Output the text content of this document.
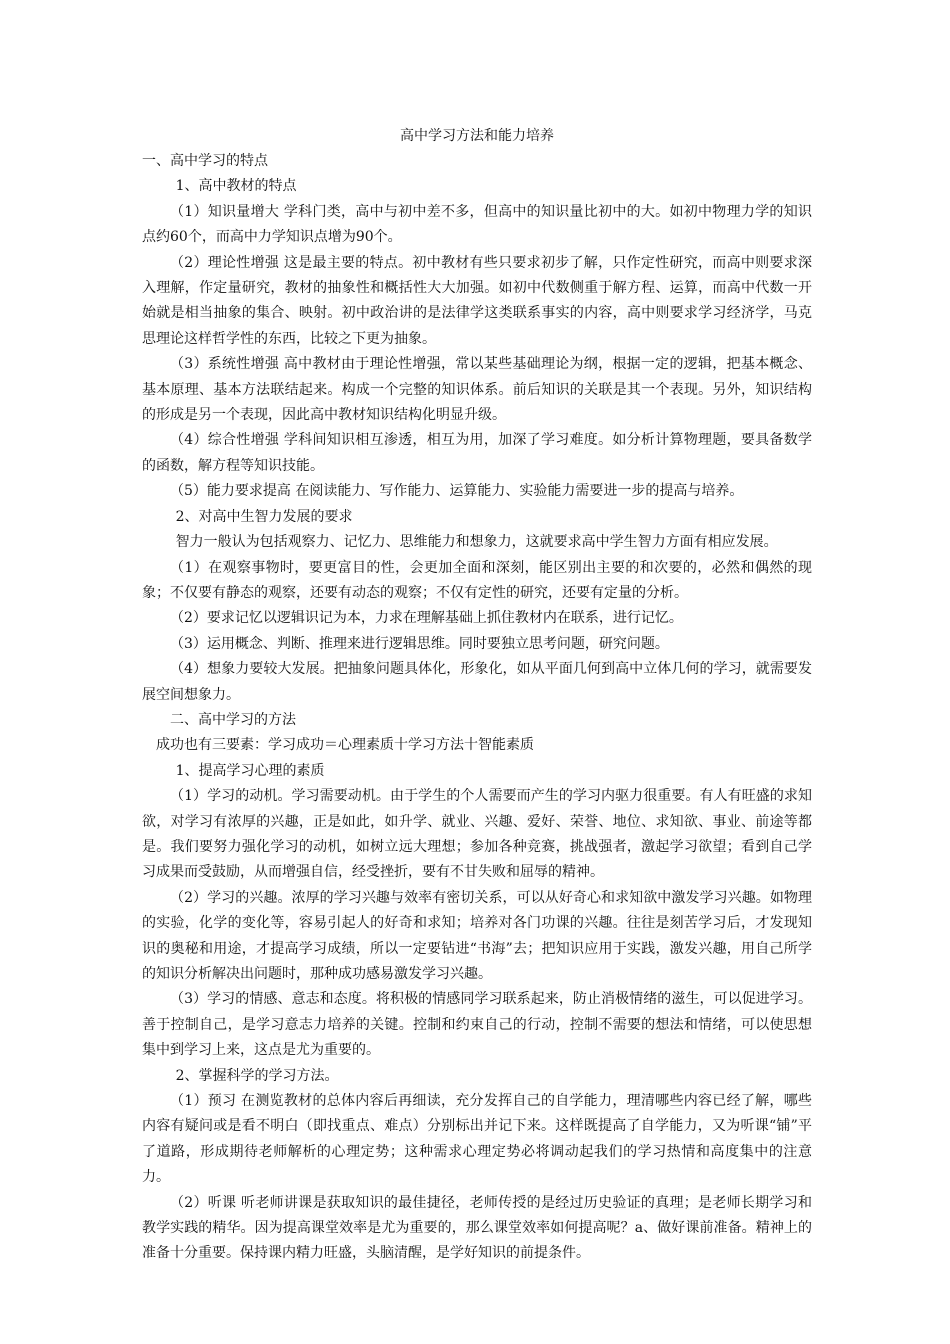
高中学习方法和能力培养

一、高中学习的特点

1、高中教材的特点

（1）知识量增大 学科门类，高中与初中差不多，但高中的知识量比初中的大。如初中物理力学的知识点约60个，而高中力学知识点增为90个。

（2）理论性增强 这是最主要的特点。初中教材有些只要求初步了解，只作定性研究，而高中则要求深入理解，作定量研究，教材的抽象性和概括性大大加强。如初中代数侧重于解方程、运算，而高中代数一开始就是相当抽象的集合、映射。初中政治讲的是法律学这类联系事实的内容，高中则要求学习经济学，马克思理论这样哲学性的东西，比较之下更为抽象。

（3）系统性增强 高中教材由于理论性增强，常以某些基础理论为纲，根据一定的逻辑，把基本概念、基本原理、基本方法联结起来。构成一个完整的知识体系。前后知识的关联是其一个表现。另外，知识结构的形成是另一个表现，因此高中教材知识结构化明显升级。

（4）综合性增强 学科间知识相互渗透，相互为用，加深了学习难度。如分析计算物理题，要具备数学的函数，解方程等知识技能。

（5）能力要求提高 在阅读能力、写作能力、运算能力、实验能力需要进一步的提高与培养。

2、对高中生智力发展的要求

智力一般认为包括观察力、记忆力、思维能力和想象力，这就要求高中学生智力方面有相应发展。

（1）在观察事物时，要更富目的性，会更加全面和深刻，能区别出主要的和次要的，必然和偶然的现象；不仅要有静态的观察，还要有动态的观察；不仅有定性的研究，还要有定量的分析。

（2）要求记忆以逻辑识记为本，力求在理解基础上抓住教材内在联系，进行记忆。

（3）运用概念、判断、推理来进行逻辑思维。同时要独立思考问题，研究问题。

（4）想象力要较大发展。把抽象问题具体化，形象化，如从平面几何到高中立体几何的学习，就需要发展空间想象力。

二、高中学习的方法

成功也有三要素：学习成功＝心理素质十学习方法十智能素质

1、提高学习心理的素质

（1）学习的动机。学习需要动机。由于学生的个人需要而产生的学习内驱力很重要。有人有旺盛的求知欲，对学习有浓厚的兴趣，正是如此，如升学、就业、兴趣、爱好、荣誉、地位、求知欲、事业、前途等都是。我们要努力强化学习的动机，如树立远大理想；参加各种竞赛，挑战强者，激起学习欲望；看到自己学习成果而受鼓励，从而增强自信，经受挫折，要有不甘失败和屈辱的精神。

（2）学习的兴趣。浓厚的学习兴趣与效率有密切关系，可以从好奇心和求知欲中激发学习兴趣。如物理的实验，化学的变化等，容易引起人的好奇和求知；培养对各门功课的兴趣。往往是刻苦学习后，才发现知识的奥秘和用途，才提高学习成绩，所以一定要钻进“书海”去；把知识应用于实践，激发兴趣，用自己所学的知识分析解决出问题时，那种成功感易激发学习兴趣。

（3）学习的情感、意志和态度。将积极的情感同学习联系起来，防止消极情绪的滋生，可以促进学习。善于控制自己，是学习意志力培养的关键。控制和约束自己的行动，控制不需要的想法和情绪，可以使思想集中到学习上来，这点是尤为重要的。

2、掌握科学的学习方法。

（1）预习 在测览教材的总体内容后再细读，充分发挥自己的自学能力，理清哪些内容已经了解，哪些内容有疑问或是看不明白（即找重点、难点）分别标出并记下来。这样既提高了自学能力，又为听课“铺”平了道路，形成期待老师解析的心理定势；这种需求心理定势必将调动起我们的学习热情和高度集中的注意力。

（2）听课 听老师讲课是获取知识的最佳捷径，老师传授的是经过历史验证的真理；是老师长期学习和教学实践的精华。因为提高课堂效率是尤为重要的，那么课堂效率如何提高呢？a、做好课前准备。精神上的准备十分重要。保持课内精力旺盛，头脑清醒，是学好知识的前提条件。
